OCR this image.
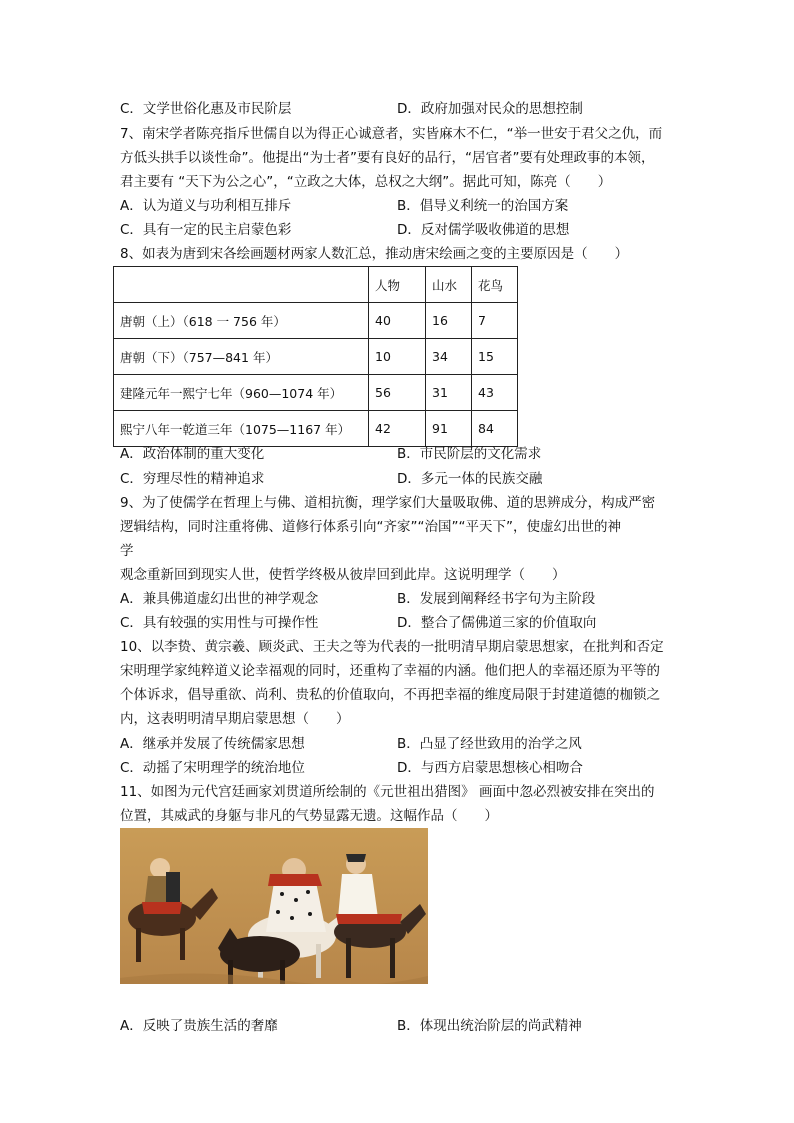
C．文学世俗化惠及市民阶层	D．政府加强对民众的思想控制
7、南宋学者陈亮指斥世儒自以为得正心诚意者，实皆麻木不仁，“举一世安于君父之仇，而
方低头拱手以谈性命”。他提出“为士者”要有良好的品行，“居官者”要有处理政事的本领，
君主要有 “天下为公之心”，“立政之大体，总权之大纲”。据此可知，陈亮（　　）
A．认为道义与功利相互排斥	B．倡导义利统一的治国方案
C．具有一定的民主启蒙色彩	D．反对儒学吸收佛道的思想
8、如表为唐到宋各绘画题材两家人数汇总，推动唐宋绘画之变的主要原因是（　　）
	人物	山水	花鸟
唐朝（上）（618 一 756 年）	40	16	7
唐朝（下）（757—841 年）	10	34	15
建隆元年一熙宁七年（960—1074 年）	56	31	43
熙宁八年一乾道三年（1075—1167 年）	42	91	84
A．政治体制的重大变化	B．市民阶层的文化需求
C．穷理尽性的精神追求	D．多元一体的民族交融
9、为了使儒学在哲理上与佛、道相抗衡，理学家们大量吸取佛、道的思辨成分，构成严密
逻辑结构，同时注重将佛、道修行体系引向“齐家”“治国”“平天下”，使虚幻出世的神
学
观念重新回到现实人世，使哲学终极从彼岸回到此岸。这说明理学（　　）
A．兼具佛道虚幻出世的神学观念	B．发展到阐释经书字句为主阶段
C．具有较强的实用性与可操作性	D．整合了儒佛道三家的价值取向
10、以李贽、黄宗羲、顾炎武、王夫之等为代表的一批明清早期启蒙思想家，在批判和否定
宋明理学家纯粹道义论幸福观的同时，还重构了幸福的内涵。他们把人的幸福还原为平等的
个体诉求，倡导重欲、尚利、贵私的价值取向，不再把幸福的维度局限于封建道德的枷锁之
内，这表明明清早期启蒙思想（　　）
A．继承并发展了传统儒家思想	B．凸显了经世致用的治学之风
C．动摇了宋明理学的统治地位	D．与西方启蒙思想核心相吻合
11、如图为元代宫廷画家刘贯道所绘制的《元世祖出猎图》 画面中忽必烈被安排在突出的
位置，其威武的身躯与非凡的气势显露无遗。这幅作品（　　）
A．反映了贵族生活的奢靡	B．体现出统治阶层的尚武精神
